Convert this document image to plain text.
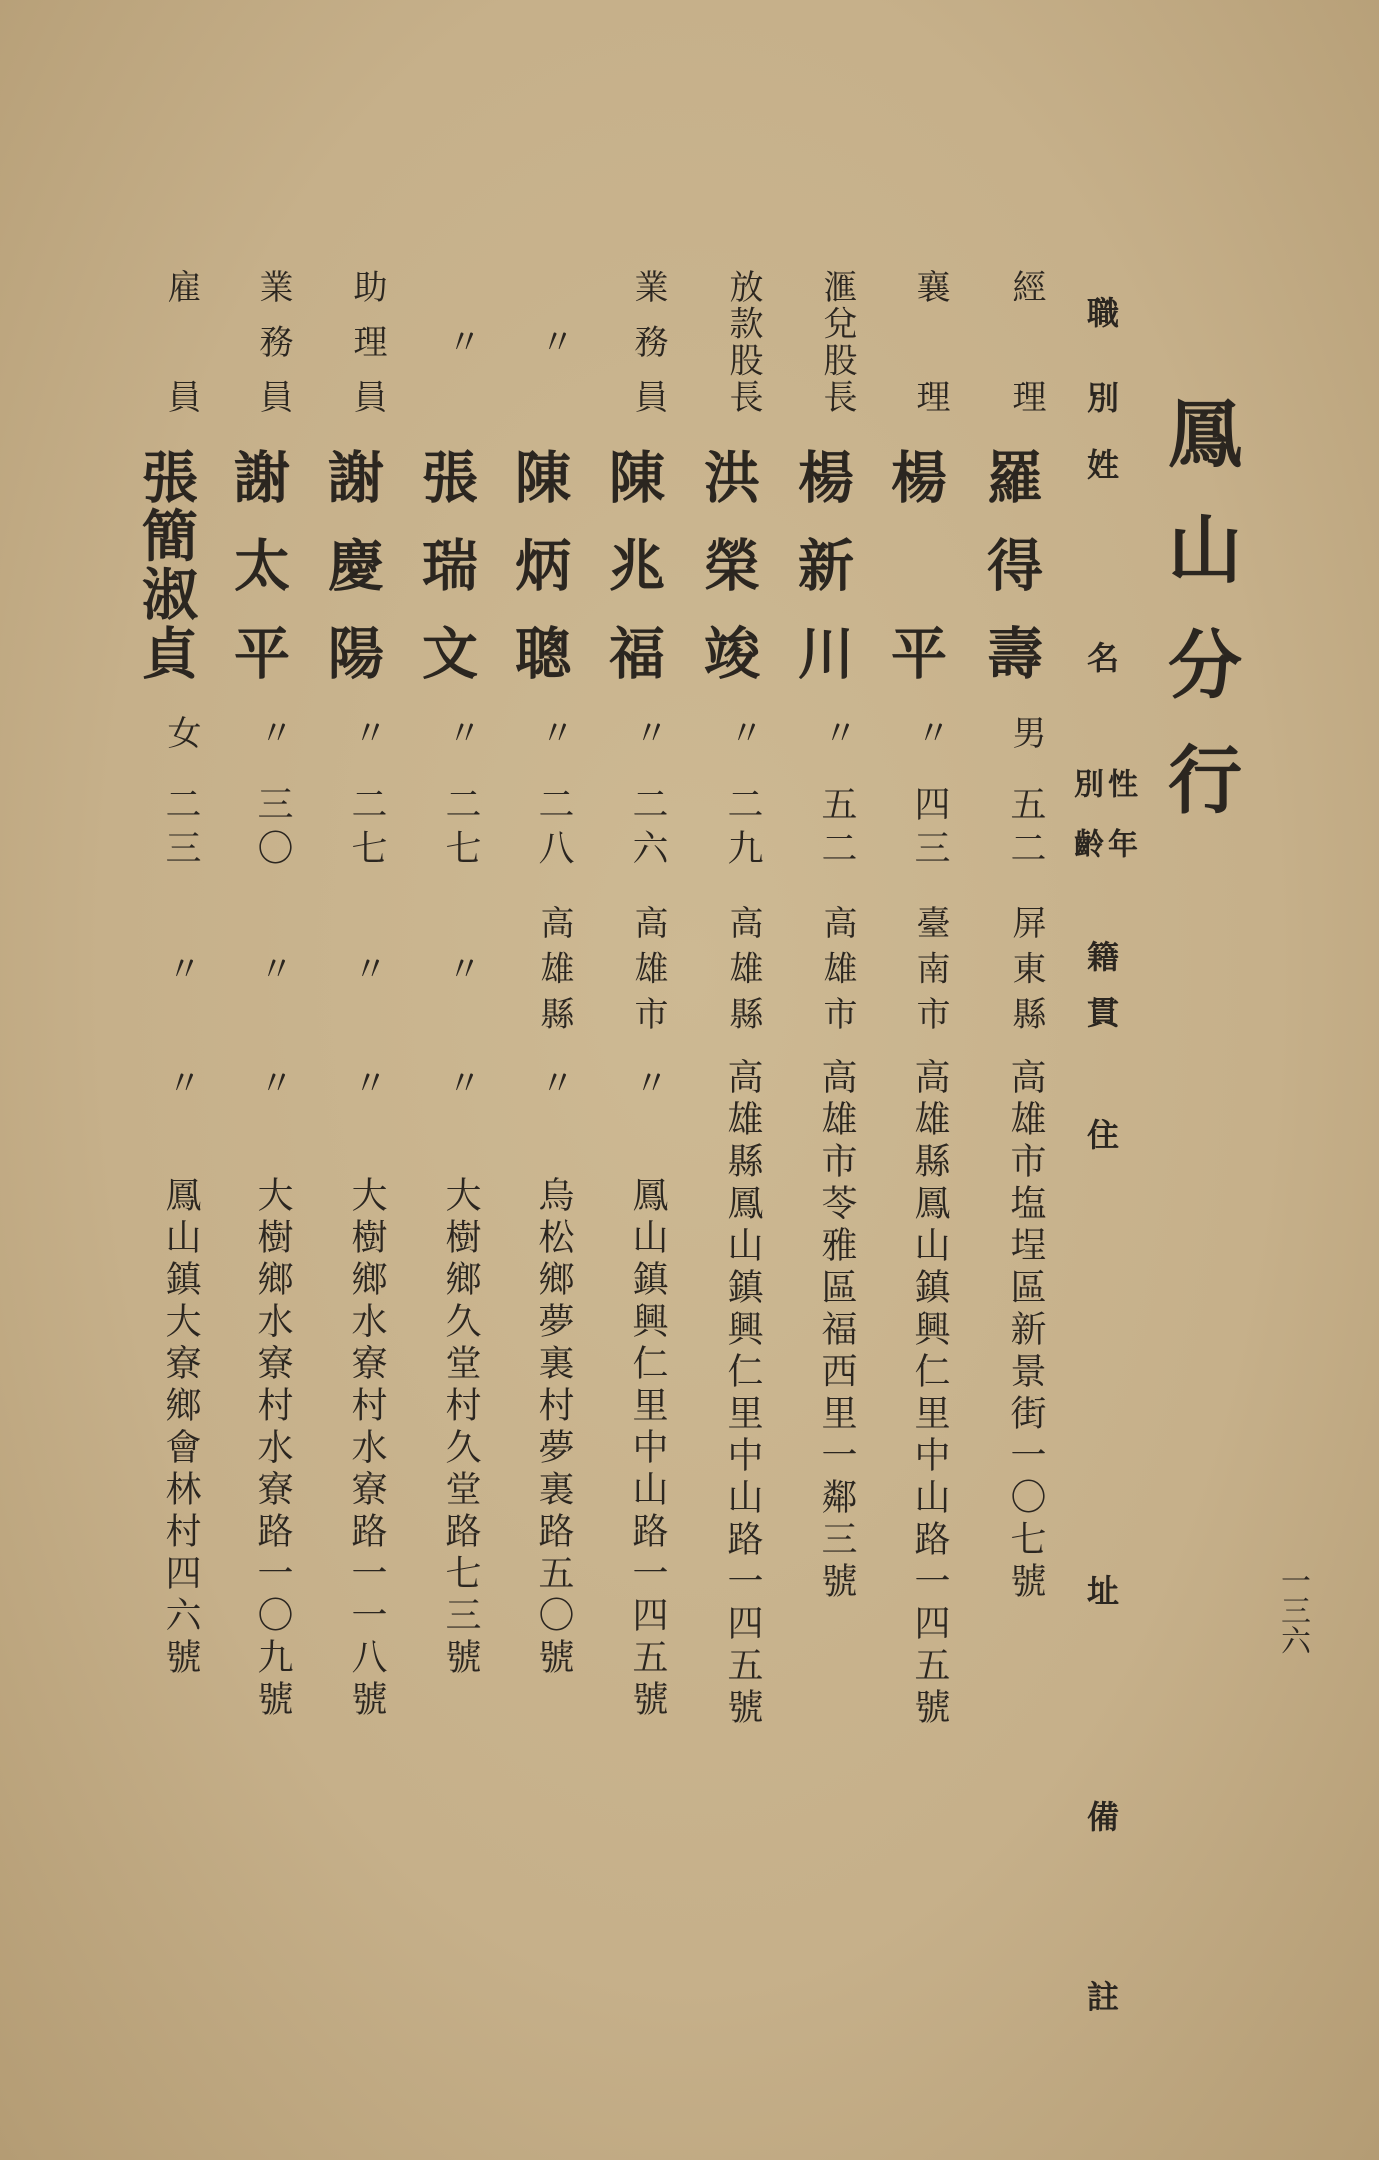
鳳山分行
一三六
職別
姓名
性別
年齡
籍貫
住址
備註
經理
羅得壽
男
五二
屏東縣
高雄市塩埕區新景街一〇七號
襄理
楊平
〃
四三
臺南市
高雄縣鳳山鎮興仁里中山路一四五號
滙兌股長
楊新川
〃
五二
高雄市
高雄市苓雅區福西里一鄰三號
放款股長
洪榮竣
〃
二九
高雄縣
高雄縣鳳山鎮興仁里中山路一四五號
業務員
陳兆福
〃
二六
高雄市
〃
鳳山鎮興仁里中山路一四五號
〃
陳炳聰
〃
二八
高雄縣
〃
烏松鄉夢裏村夢裏路五〇號
〃
張瑞文
〃
二七
〃
〃
大樹鄉久堂村久堂路七三號
助理員
謝慶陽
〃
二七
〃
〃
大樹鄉水寮村水寮路一一八號
業務員
謝太平
〃
三〇
〃
〃
大樹鄉水寮村水寮路一〇九號
雇員
張簡淑貞
女
二三
〃
〃
鳳山鎮大寮鄉會林村四六號
